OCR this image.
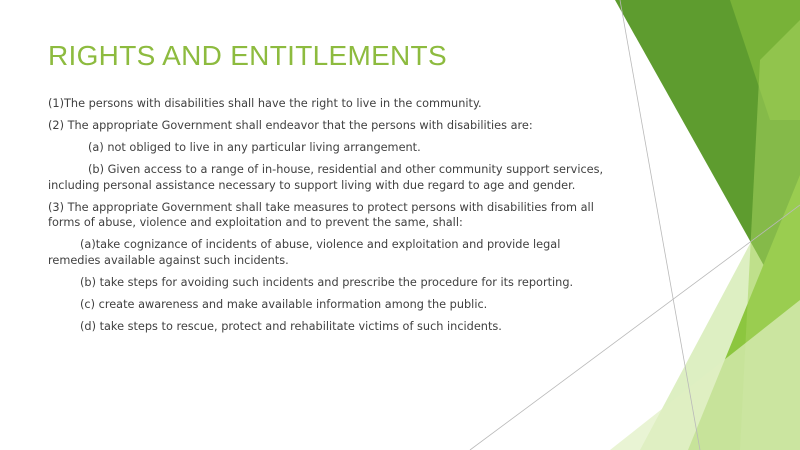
RIGHTS AND ENTITLEMENTS

(1)The persons with disabilities shall have the right to live in the community.

(2) The appropriate Government shall endeavor that the persons with disabilities are:

(a) not obliged to live in any particular living arrangement.

(b) Given access to a range of in-house, residential and other community support services, including personal assistance necessary to support living with due regard to age and gender.

(3) The appropriate Government shall take measures to protect persons with disabilities from all forms of abuse, violence and exploitation and to prevent the same, shall:

(a)take cognizance of incidents of abuse, violence and exploitation and provide legal remedies available against such incidents.

(b) take steps for avoiding such incidents and prescribe the procedure for its reporting.

(c) create awareness and make available information among the public.

(d) take steps to rescue, protect and rehabilitate victims of such incidents.
